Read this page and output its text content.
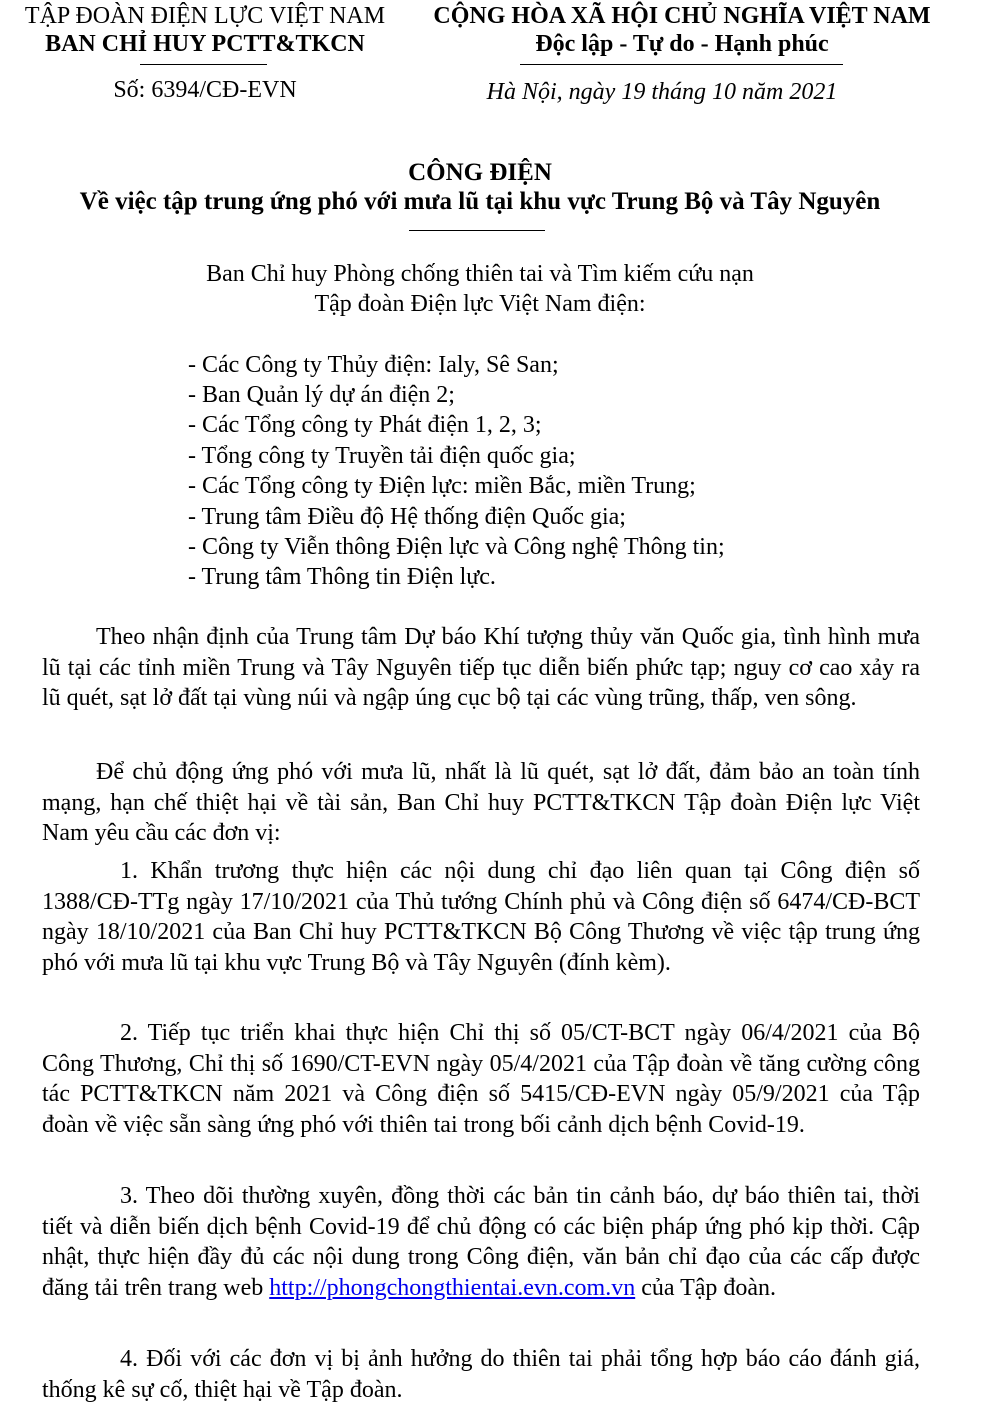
TẬP ĐOÀN ĐIỆN LỰC VIỆT NAM
BAN CHỈ HUY PCTT&TKCN
Số: 6394/CĐ-EVN
CỘNG HÒA XÃ HỘI CHỦ NGHĨA VIỆT NAM
Độc lập - Tự do - Hạnh phúc
Hà Nội, ngày 19 tháng 10 năm 2021
CÔNG ĐIỆN
Về việc tập trung ứng phó với mưa lũ tại khu vực Trung Bộ và Tây Nguyên
Ban Chỉ huy Phòng chống thiên tai và Tìm kiếm cứu nạn
Tập đoàn Điện lực Việt Nam điện:
- Các Công ty Thủy điện: Ialy, Sê San;
- Ban Quản lý dự án điện 2;
- Các Tổng công ty Phát điện 1, 2, 3;
- Tổng công ty Truyền tải điện quốc gia;
- Các Tổng công ty Điện lực: miền Bắc, miền Trung;
- Trung tâm Điều độ Hệ thống điện Quốc gia;
- Công ty Viễn thông Điện lực và Công nghệ Thông tin;
- Trung tâm Thông tin Điện lực.
Theo nhận định của Trung tâm Dự báo Khí tượng thủy văn Quốc gia, tình hình mưa lũ tại các tỉnh miền Trung và Tây Nguyên tiếp tục diễn biến phức tạp; nguy cơ cao xảy ra lũ quét, sạt lở đất tại vùng núi và ngập úng cục bộ tại các vùng trũng, thấp, ven sông.
Để chủ động ứng phó với mưa lũ, nhất là lũ quét, sạt lở đất, đảm bảo an toàn tính mạng, hạn chế thiệt hại về tài sản, Ban Chỉ huy PCTT&TKCN Tập đoàn Điện lực Việt Nam yêu cầu các đơn vị:
1. Khẩn trương thực hiện các nội dung chỉ đạo liên quan tại Công điện số 1388/CĐ-TTg ngày 17/10/2021 của Thủ tướng Chính phủ và Công điện số 6474/CĐ-BCT ngày 18/10/2021 của Ban Chỉ huy PCTT&TKCN Bộ Công Thương về việc tập trung ứng phó với mưa lũ tại khu vực Trung Bộ và Tây Nguyên (đính kèm).
2. Tiếp tục triển khai thực hiện Chỉ thị số 05/CT-BCT ngày 06/4/2021 của Bộ Công Thương, Chỉ thị số 1690/CT-EVN ngày 05/4/2021 của Tập đoàn về tăng cường công tác PCTT&TKCN năm 2021 và Công điện số 5415/CĐ-EVN ngày 05/9/2021 của Tập đoàn về việc sẵn sàng ứng phó với thiên tai trong bối cảnh dịch bệnh Covid-19.
3. Theo dõi thường xuyên, đồng thời các bản tin cảnh báo, dự báo thiên tai, thời tiết và diễn biến dịch bệnh Covid-19 để chủ động có các biện pháp ứng phó kịp thời. Cập nhật, thực hiện đầy đủ các nội dung trong Công điện, văn bản chỉ đạo của các cấp được đăng tải trên trang web http://phongchongthientai.evn.com.vn của Tập đoàn.
4. Đối với các đơn vị bị ảnh hưởng do thiên tai phải tổng hợp báo cáo đánh giá, thống kê sự cố, thiệt hại về Tập đoàn.
